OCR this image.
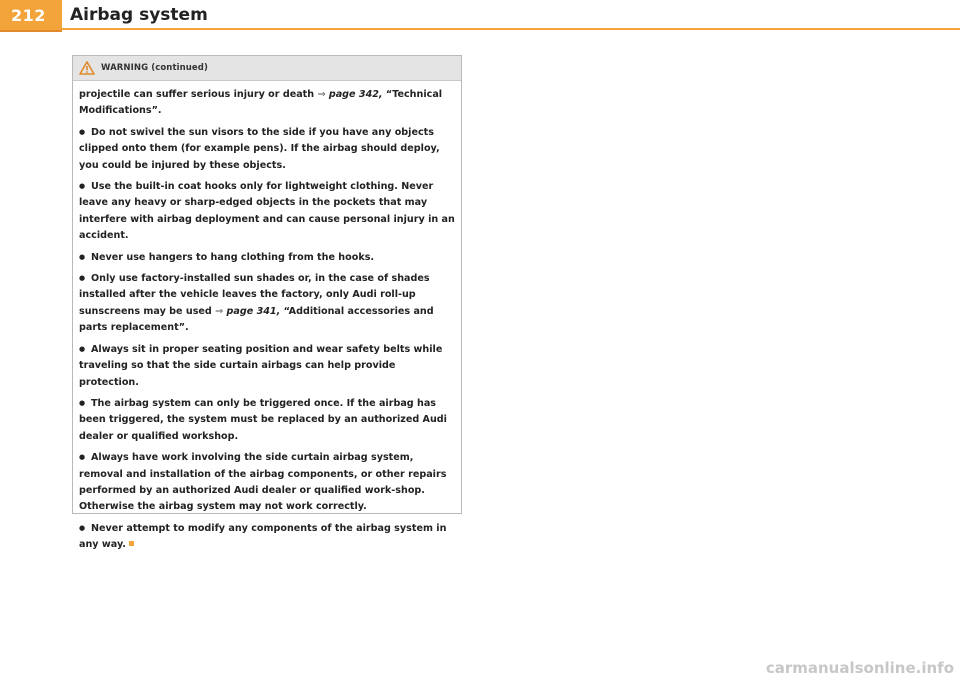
212 Airbag system
WARNING (continued)

projectile can suffer serious injury or death ⇒ page 342, “Technical Modifications”.

●Do not swivel the sun visors to the side if you have any objects clipped onto them (for example pens). If the airbag should deploy, you could be injured by these objects.

●Use the built-in coat hooks only for lightweight clothing. Never leave any heavy or sharp-edged objects in the pockets that may interfere with airbag deployment and can cause personal injury in an accident.

●Never use hangers to hang clothing from the hooks.

●Only use factory-installed sun shades or, in the case of shades installed after the vehicle leaves the factory, only Audi roll-up sunscreens may be used ⇒ page 341, “Additional accessories and parts replacement”.

●Always sit in proper seating position and wear safety belts while traveling so that the side curtain airbags can help provide protection.

●The airbag system can only be triggered once. If the airbag has been triggered, the system must be replaced by an authorized Audi dealer or qualified workshop.

●Always have work involving the side curtain airbag system, removal and installation of the airbag components, or other repairs performed by an authorized Audi dealer or qualified work-shop. Otherwise the airbag system may not work correctly.

●Never attempt to modify any components of the airbag system in any way.

carmanualsonline.info
